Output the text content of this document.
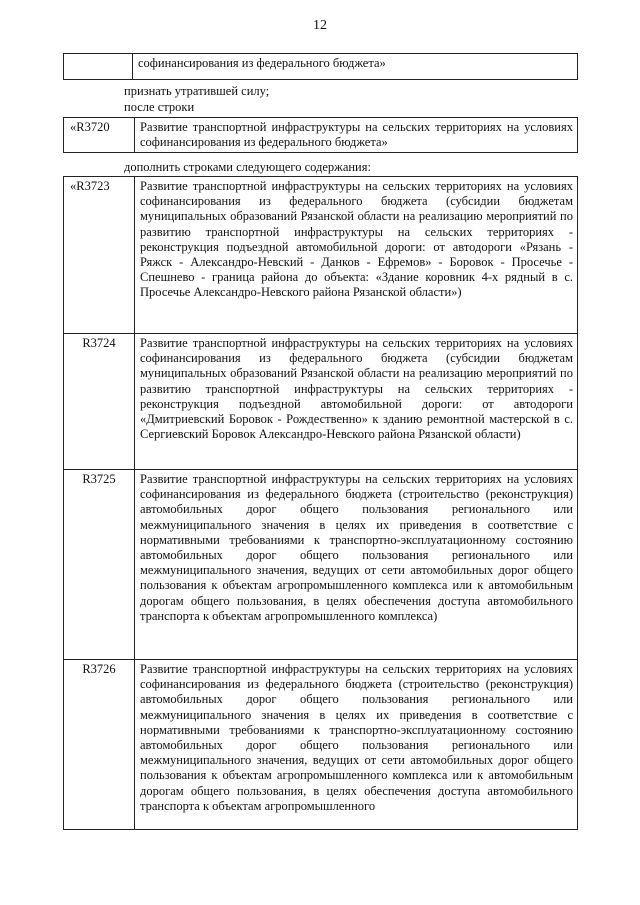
12
	софинансирования из федерального бюджета»
признать утратившей силу;
после строки
«R3720	Развитие транспортной инфраструктуры на сельских территориях на условиях софинансирования из федерального бюджета»
дополнить строками следующего содержания:
«R3723	Развитие транспортной инфраструктуры на сельских территориях на условиях софинансирования из федерального бюджета (субсидии бюджетам муниципальных образований Рязанской области на реализацию мероприятий по развитию транспортной инфраструктуры на сельских территориях - реконструкция подъездной автомобильной дороги: от автодороги «Рязань - Ряжск - Александро-Невский - Данков - Ефремов» - Боровок - Просечье - Спешнево - граница района до объекта: «Здание коровник 4-х рядный в с. Просечье Александро-Невского района Рязанской области»)
R3724	Развитие транспортной инфраструктуры на сельских территориях на условиях софинансирования из федерального бюджета (субсидии бюджетам муниципальных образований Рязанской области на реализацию мероприятий по развитию транспортной инфраструктуры на сельских территориях - реконструкция подъездной автомобильной дороги: от автодороги «Дмитриевский Боровок - Рождественно» к зданию ремонтной мастерской в с. Сергиевский Боровок Александро-Невского района Рязанской области)
R3725	Развитие транспортной инфраструктуры на сельских территориях на условиях софинансирования из федерального бюджета (строительство (реконструкция) автомобильных дорог общего пользования регионального или межмуниципального значения в целях их приведения в соответствие с нормативными требованиями к транспортно-эксплуатационному состоянию автомобильных дорог общего пользования регионального или межмуниципального значения, ведущих от сети автомобильных дорог общего пользования к объектам агропромышленного комплекса или к автомобильным дорогам общего пользования, в целях обеспечения доступа автомобильного транспорта к объектам агропромышленного комплекса)
R3726	Развитие транспортной инфраструктуры на сельских территориях на условиях софинансирования из федерального бюджета (строительство (реконструкция) автомобильных дорог общего пользования регионального или межмуниципального значения в целях их приведения в соответствие с нормативными требованиями к транспортно-эксплуатационному состоянию автомобильных дорог общего пользования регионального или межмуниципального значения, ведущих от сети автомобильных дорог общего пользования к объектам агропромышленного комплекса или к автомобильным дорогам общего пользования, в целях обеспечения доступа автомобильного транспорта к объектам агропромышленного
